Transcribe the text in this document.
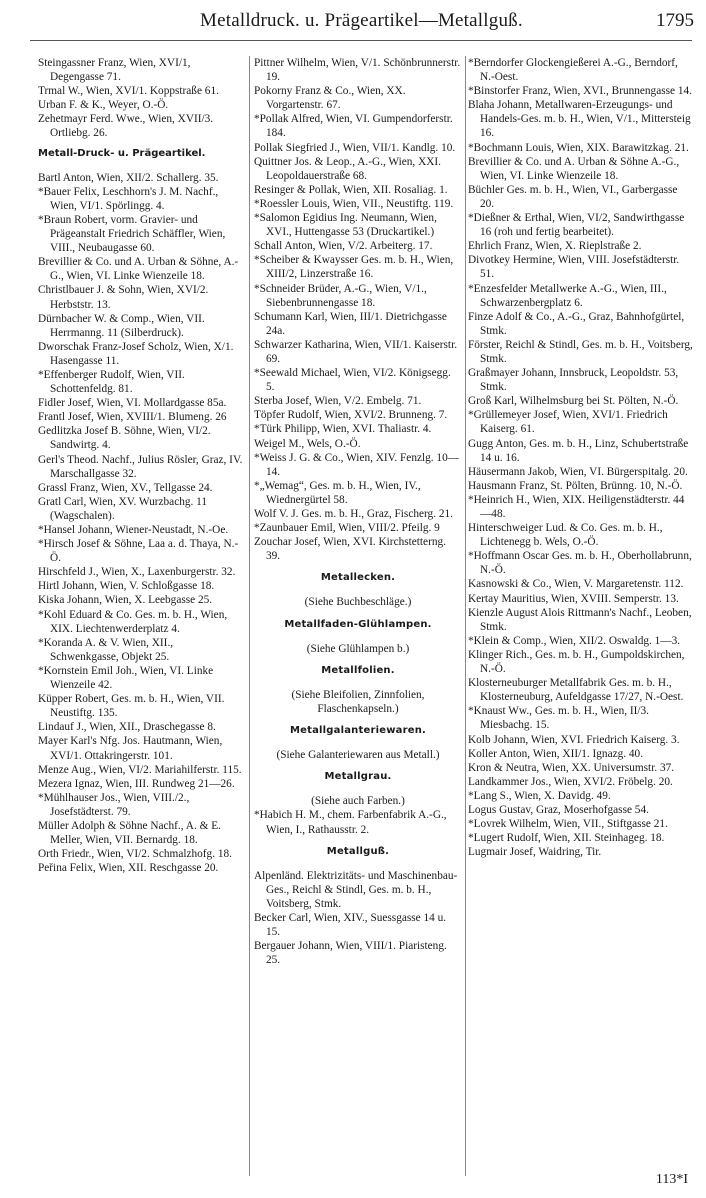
Metalldruck. u. Prägeartikel—Metallguß.	1795

Steingassner Franz, Wien, XVI/1, Degengasse 71.

Trmal W., Wien, XVI/1. Koppstraße 61.

Urban F. & K., Weyer, O.-Ö.

Zehetmayr Ferd. Wwe., Wien, XVII/3. Ortliebg. 26.

Metall-Druck- u. Prägeartikel.

Bartl Anton, Wien, XII/2. Schallerg. 35.

*Bauer Felix, Leschhorn's J. M. Nachf., Wien, VI/1. Spörlingg. 4.

*Braun Robert, vorm. Gravier- und Prägeanstalt Friedrich Schäffler, Wien, VIII., Neubaugasse 60.

Brevillier & Co. und A. Urban & Söhne, A.-G., Wien, VI. Linke Wienzeile 18.

Christlbauer J. & Sohn, Wien, XVI/2. Herbststr. 13.

Dürnbacher W. & Comp., Wien, VII. Herrmanng. 11 (Silberdruck).

Dworschak Franz-Josef Scholz, Wien, X/1. Hasengasse 11.

*Effenberger Rudolf, Wien, VII. Schottenfeldg. 81.

Fidler Josef, Wien, VI. Mollardgasse 85a.

Frantl Josef, Wien, XVIII/1. Blumeng. 26

Gedlitzka Josef B. Söhne, Wien, VI/2. Sandwirtg. 4.

Gerl's Theod. Nachf., Julius Rösler, Graz, IV. Marschallgasse 32.

Grassl Franz, Wien, XV., Tellgasse 24.

Gratl Carl, Wien, XV. Wurzbachg. 11 (Wagschalen).

*Hansel Johann, Wiener-Neustadt, N.-Oe.

*Hirsch Josef & Söhne, Laa a. d. Thaya, N.-Ö.

Hirschfeld J., Wien, X., Laxenburgerstr. 32.

Hirtl Johann, Wien, V. Schloßgasse 18.

Kiska Johann, Wien, X. Leebgasse 25.

*Kohl Eduard & Co. Ges. m. b. H., Wien, XIX. Liechtenwerderplatz 4.

*Koranda A. & V. Wien, XII., Schwenkgasse, Objekt 25.

*Kornstein Emil Joh., Wien, VI. Linke Wienzeile 42.

Küpper Robert, Ges. m. b. H., Wien, VII. Neustiftg. 135.

Lindauf J., Wien, XII., Draschegasse 8.

Mayer Karl's Nfg. Jos. Hautmann, Wien, XVI/1. Ottakringerstr. 101.

Menze Aug., Wien, VI/2. Mariahilferstr. 115.

Mezera Ignaz, Wien, III. Rundweg 21—26.

*Mühlhauser Jos., Wien, VIII./2., Josefstädterst. 79.

Müller Adolph & Söhne Nachf., A. & E. Meller, Wien, VII. Bernardg. 18.

Orth Friedr., Wien, VI/2. Schmalzhofg. 18.

Peřina Felix, Wien, XII. Reschgasse 20.

Pittner Wilhelm, Wien, V/1. Schönbrunnerstr. 19.

Pokorny Franz & Co., Wien, XX. Vorgartenstr. 67.

*Pollak Alfred, Wien, VI. Gumpendorferstr. 184.

Pollak Siegfried J., Wien, VII/1. Kandlg. 10.

Quittner Jos. & Leop., A.-G., Wien, XXI. Leopoldauerstraße 68.

Resinger & Pollak, Wien, XII. Rosaliag. 1.

*Roessler Louis, Wien, VII., Neustiftg. 119.

*Salomon Egidius Ing. Neumann, Wien, XVI., Huttengasse 53 (Druckartikel.)

Schall Anton, Wien, V/2. Arbeiterg. 17.

*Scheiber & Kwaysser Ges. m. b. H., Wien, XIII/2, Linzerstraße 16.

*Schneider Brüder, A.-G., Wien, V/1., Siebenbrunnengasse 18.

Schumann Karl, Wien, III/1. Dietrichgasse 24a.

Schwarzer Katharina, Wien, VII/1. Kaiserstr. 69.

*Seewald Michael, Wien, VI/2. Königsegg. 5.

Sterba Josef, Wien, V/2. Embelg. 71.

Töpfer Rudolf, Wien, XVI/2. Brunneng. 7.

*Türk Philipp, Wien, XVI. Thaliastr. 4.

Weigel M., Wels, O.-Ö.

*Weiss J. G. & Co., Wien, XIV. Fenzlg. 10—14.

*„Wemag“, Ges. m. b. H., Wien, IV., Wiednergürtel 58.

Wolf V. J. Ges. m. b. H., Graz, Fischerg. 21.

*Zaunbauer Emil, Wien, VIII/2. Pfeilg. 9

Zouchar Josef, Wien, XVI. Kirchstetterng. 39.

Metallecken.

(Siehe Buchbeschläge.)

Metallfaden-Glühlampen.

(Siehe Glühlampen b.)

Metallfolien.

(Siehe Bleifolien, Zinnfolien, Flaschenkapseln.)

Metallgalanteriewaren.

(Siehe Galanteriewaren aus Metall.)

Metallgrau.

(Siehe auch Farben.)

*Habich H. M., chem. Farbenfabrik A.-G., Wien, I., Rathausstr. 2.

Metallguß.

Alpenländ. Elektrizitäts- und Maschinenbau-Ges., Reichl & Stindl, Ges. m. b. H., Voitsberg, Stmk.

Becker Carl, Wien, XIV., Suessgasse 14 u. 15.

Bergauer Johann, Wien, VIII/1. Piaristeng. 25.

*Berndorfer Glockengießerei A.-G., Berndorf, N.-Oest.

*Binstorfer Franz, Wien, XVI., Brunnengasse 14.

Blaha Johann, Metallwaren-Erzeugungs- und Handels-Ges. m. b. H., Wien, V/1., Mittersteig 16.

*Bochmann Louis, Wien, XIX. Barawitzkag. 21.

Brevillier & Co. und A. Urban & Söhne A.-G., Wien, VI. Linke Wienzeile 18.

Büchler Ges. m. b. H., Wien, VI., Garbergasse 20.

*Dießner & Erthal, Wien, VI/2, Sandwirthgasse 16 (roh und fertig bearbeitet).

Ehrlich Franz, Wien, X. Rieplstraße 2.

Divotkey Hermine, Wien, VIII. Josefstädterstr. 51.

*Enzesfelder Metallwerke A.-G., Wien, III., Schwarzenbergplatz 6.

Finze Adolf & Co., A.-G., Graz, Bahnhofgürtel, Stmk.

Förster, Reichl & Stindl, Ges. m. b. H., Voitsberg, Stmk.

Graßmayer Johann, Innsbruck, Leopoldstr. 53, Stmk.

Groß Karl, Wilhelmsburg bei St. Pölten, N.-Ö.

*Grüllemeyer Josef, Wien, XVI/1. Friedrich Kaiserg. 61.

Gugg Anton, Ges. m. b. H., Linz, Schubertstraße 14 u. 16.

Häusermann Jakob, Wien, VI. Bürgerspitalg. 20.

Hausmann Franz, St. Pölten, Brünng. 10, N.-Ö.

*Heinrich H., Wien, XIX. Heiligenstädterstr. 44—48.

Hinterschweiger Lud. & Co. Ges. m. b. H., Lichtenegg b. Wels, O.-Ö.

*Hoffmann Oscar Ges. m. b. H., Oberhollabrunn, N.-Ö.

Kasnowski & Co., Wien, V. Margaretenstr. 112.

Kertay Mauritius, Wien, XVIII. Semperstr. 13.

Kienzle August Alois Rittmann's Nachf., Leoben, Stmk.

*Klein & Comp., Wien, XII/2. Oswaldg. 1—3.

Klinger Rich., Ges. m. b. H., Gumpoldskirchen, N.-Ö.

Klosterneuburger Metallfabrik Ges. m. b. H., Klosterneuburg, Aufeldgasse 17/27, N.-Oest.

*Knaust Ww., Ges. m. b. H., Wien, II/3. Miesbachg. 15.

Kolb Johann, Wien, XVI. Friedrich Kaiserg. 3.

Koller Anton, Wien, XII/1. Ignazg. 40.

Kron & Neutra, Wien, XX. Universumstr. 37.

Landkammer Jos., Wien, XVI/2. Fröbelg. 20.

*Lang S., Wien, X. Davidg. 49.

Logus Gustav, Graz, Moserhofgasse 54.

*Lovrek Wilhelm, Wien, VII., Stiftgasse 21.

*Lugert Rudolf, Wien, XII. Steinhageg. 18.

Lugmair Josef, Waidring, Tir.

113*I
